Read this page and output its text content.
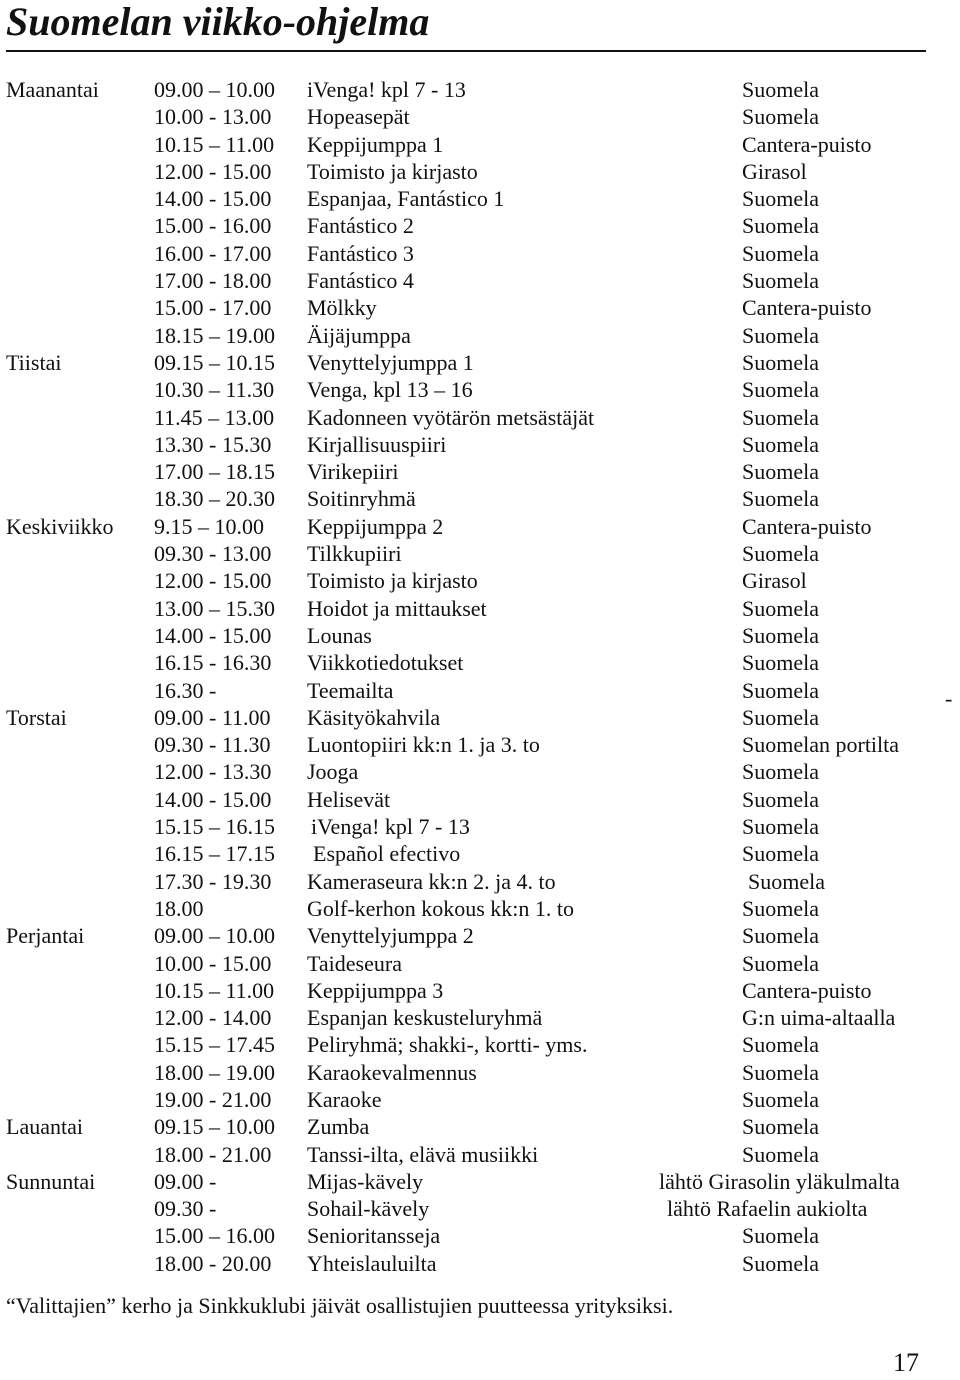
Suomelan viikko-ohjelma
Maanantai	09.00 – 10.00 iVenga! kpl 7 - 13	Suomela
10.00 - 13.00 Hopeasepät	Suomela
10.15 – 11.00 Keppijumppa 1	Cantera-puisto
12.00 - 15.00 Toimisto ja kirjasto	Girasol
14.00 - 15.00 Espanjaa, Fantástico 1	Suomela
15.00 - 16.00 Fantástico 2	Suomela
16.00 - 17.00 Fantástico 3	Suomela
17.00 - 18.00 Fantástico 4	Suomela
15.00 - 17.00 Mölkky	Cantera-puisto
18.15 – 19.00 Äijäjumppa	Suomela
Tiistai	09.15 – 10.15 Venyttelyjumppa 1	Suomela
10.30 – 11.30 Venga, kpl 13 – 16	Suomela
11.45 – 13.00 Kadonneen vyötärön metsästäjät	Suomela
13.30 - 15.30 Kirjallisuuspiiri	Suomela
17.00 – 18.15 Virikepiiri	Suomela
18.30 – 20.30 Soitinryhmä	Suomela
Keskiviikko 9.15 – 10.00 Keppijumppa 2	Cantera-puisto
09.30 - 13.00 Tilkkupiiri	Suomela
12.00 - 15.00 Toimisto ja kirjasto	Girasol
13.00 – 15.30 Hoidot ja mittaukset	Suomela
14.00 - 15.00 Lounas	Suomela
16.15 - 16.30 Viikkotiedotukset	Suomela
16.30 -	Teemailta	Suomela
Torstai	09.00 - 11.00 Käsityökahvila	Suomela
09.30 - 11.30 Luontopiiri kk:n 1. ja 3. to	Suomelan portilta
12.00 - 13.30 Jooga	Suomela
14.00 - 15.00 Helisevät	Suomela
15.15 – 16.15 iVenga! kpl 7 - 13	Suomela
16.15 – 17.15 Español efectivo	Suomela
17.30 - 19.30 Kameraseura kk:n 2. ja 4. to	Suomela
18.00	Golf-kerhon kokous kk:n 1. to	Suomela
Perjantai	09.00 – 10.00 Venyttelyjumppa 2	Suomela
10.00 - 15.00 Taideseura	Suomela
10.15 – 11.00 Keppijumppa 3	Cantera-puisto
12.00 - 14.00 Espanjan keskusteluryhmä	G:n uima-altaalla
15.15 – 17.45 Peliryhmä; shakki-, kortti- yms.	Suomela
18.00 – 19.00 Karaokevalmennus	Suomela
19.00 - 21.00 Karaoke	Suomela
Lauantai	09.15 – 10.00 Zumba	Suomela
18.00 - 21.00 Tanssi-ilta, elävä musiikki	Suomela
Sunnuntai	09.00 -	Mijas-kävely	lähtö Girasolin yläkulmalta
09.30 -	Sohail-kävely	lähtö Rafaelin aukiolta
15.00 – 16.00 Senioritansseja	Suomela
18.00 - 20.00 Yhteislauluilta	Suomela
-
“Valittajien” kerho ja Sinkkuklubi jäivät osallistujien puutteessa yrityksiksi.
17
